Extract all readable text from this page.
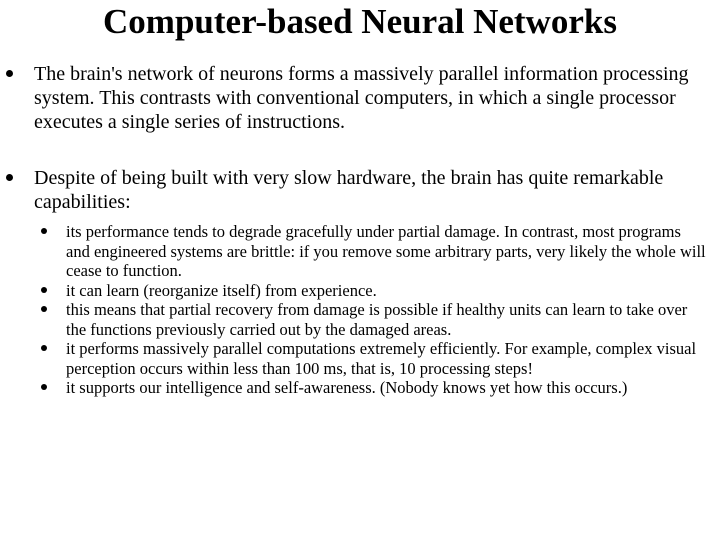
Computer-based Neural Networks
The brain's network of neurons forms a massively parallel information processing system. This contrasts with conventional computers, in which a single processor executes a single series of instructions.
Despite of being built with very slow hardware, the brain has quite remarkable capabilities:
its performance tends to degrade gracefully under partial damage. In contrast, most programs and engineered systems are brittle: if you remove some arbitrary parts, very likely the whole will cease to function.
it can learn (reorganize itself) from experience.
this means that partial recovery from damage is possible if healthy units can learn to take over the functions previously carried out by the damaged areas.
it performs massively parallel computations extremely efficiently. For example, complex visual perception occurs within less than 100 ms, that is, 10 processing steps!
it supports our intelligence and self-awareness. (Nobody knows yet how this occurs.)
